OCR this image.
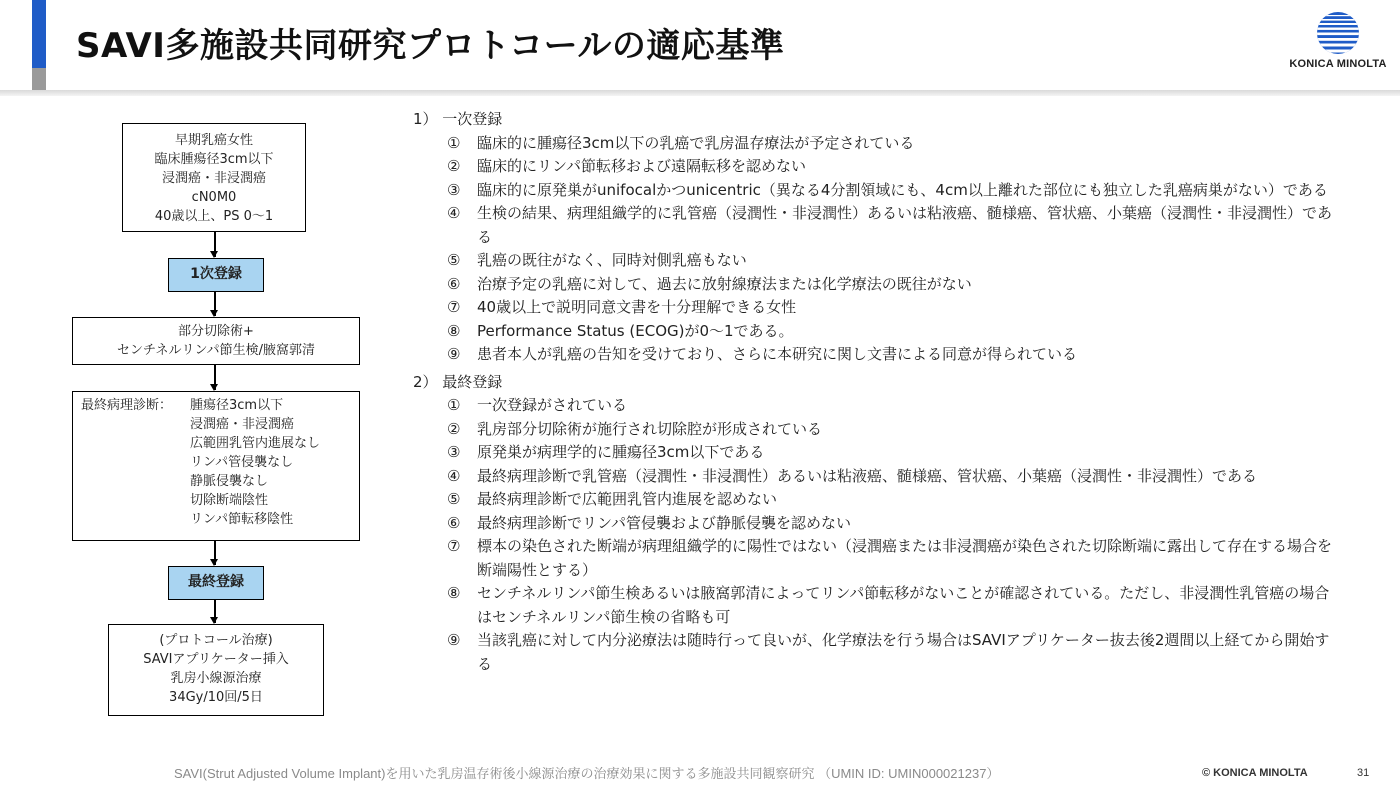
SAVI多施設共同研究プロトコールの適応基準	KONICA MINOLTA
早期乳癌女性
臨床腫瘍径3cm以下
浸潤癌・非浸潤癌
cN0M0
40歳以上、PS 0〜1
1次登録
部分切除術+
センチネルリンパ節生検/腋窩郭清
最終病理診断：	腫瘍径3cm以下
浸潤癌・非浸潤癌
広範囲乳管内進展なし
リンパ管侵襲なし
静脈侵襲なし
切除断端陰性
リンパ節転移陰性
最終登録
(プロトコール治療)
SAVIアプリケーター挿入
乳房小線源治療
34Gy/10回/5日
1） 一次登録
①	臨床的に腫瘍径3cm以下の乳癌で乳房温存療法が予定されている
②	臨床的にリンパ節転移および遠隔転移を認めない
③	臨床的に原発巣がunifocalかつunicentric（異なる4分割領域にも、4cm以上離れた部位にも独立した乳癌病巣がない）である
④	生検の結果、病理組織学的に乳管癌（浸潤性・非浸潤性）あるいは粘液癌、髄様癌、管状癌、小葉癌（浸潤性・非浸潤性）である
⑤	乳癌の既往がなく、同時対側乳癌もない
⑥	治療予定の乳癌に対して、過去に放射線療法または化学療法の既往がない
⑦	40歳以上で説明同意文書を十分理解できる女性
⑧	Performance Status (ECOG)が0〜1である。
⑨	患者本人が乳癌の告知を受けており、さらに本研究に関し文書による同意が得られている
2） 最終登録
①	一次登録がされている
②	乳房部分切除術が施行され切除腔が形成されている
③	原発巣が病理学的に腫瘍径3cm以下である
④	最終病理診断で乳管癌（浸潤性・非浸潤性）あるいは粘液癌、髄様癌、管状癌、小葉癌（浸潤性・非浸潤性）である
⑤	最終病理診断で広範囲乳管内進展を認めない
⑥	最終病理診断でリンパ管侵襲および静脈侵襲を認めない
⑦	標本の染色された断端が病理組織学的に陽性ではない（浸潤癌または非浸潤癌が染色された切除断端に露出して存在する場合を断端陽性とする）
⑧	センチネルリンパ節生検あるいは腋窩郭清によってリンパ節転移がないことが確認されている。ただし、非浸潤性乳管癌の場合はセンチネルリンパ節生検の省略も可
⑨	当該乳癌に対して内分泌療法は随時行って良いが、化学療法を行う場合はSAVIアプリケーター抜去後2週間以上経てから開始する
SAVI(Strut Adjusted Volume Implant)を用いた乳房温存術後小線源治療の治療効果に関する多施設共同観察研究 （UMIN ID: UMIN000021237）	© KONICA MINOLTA	31
